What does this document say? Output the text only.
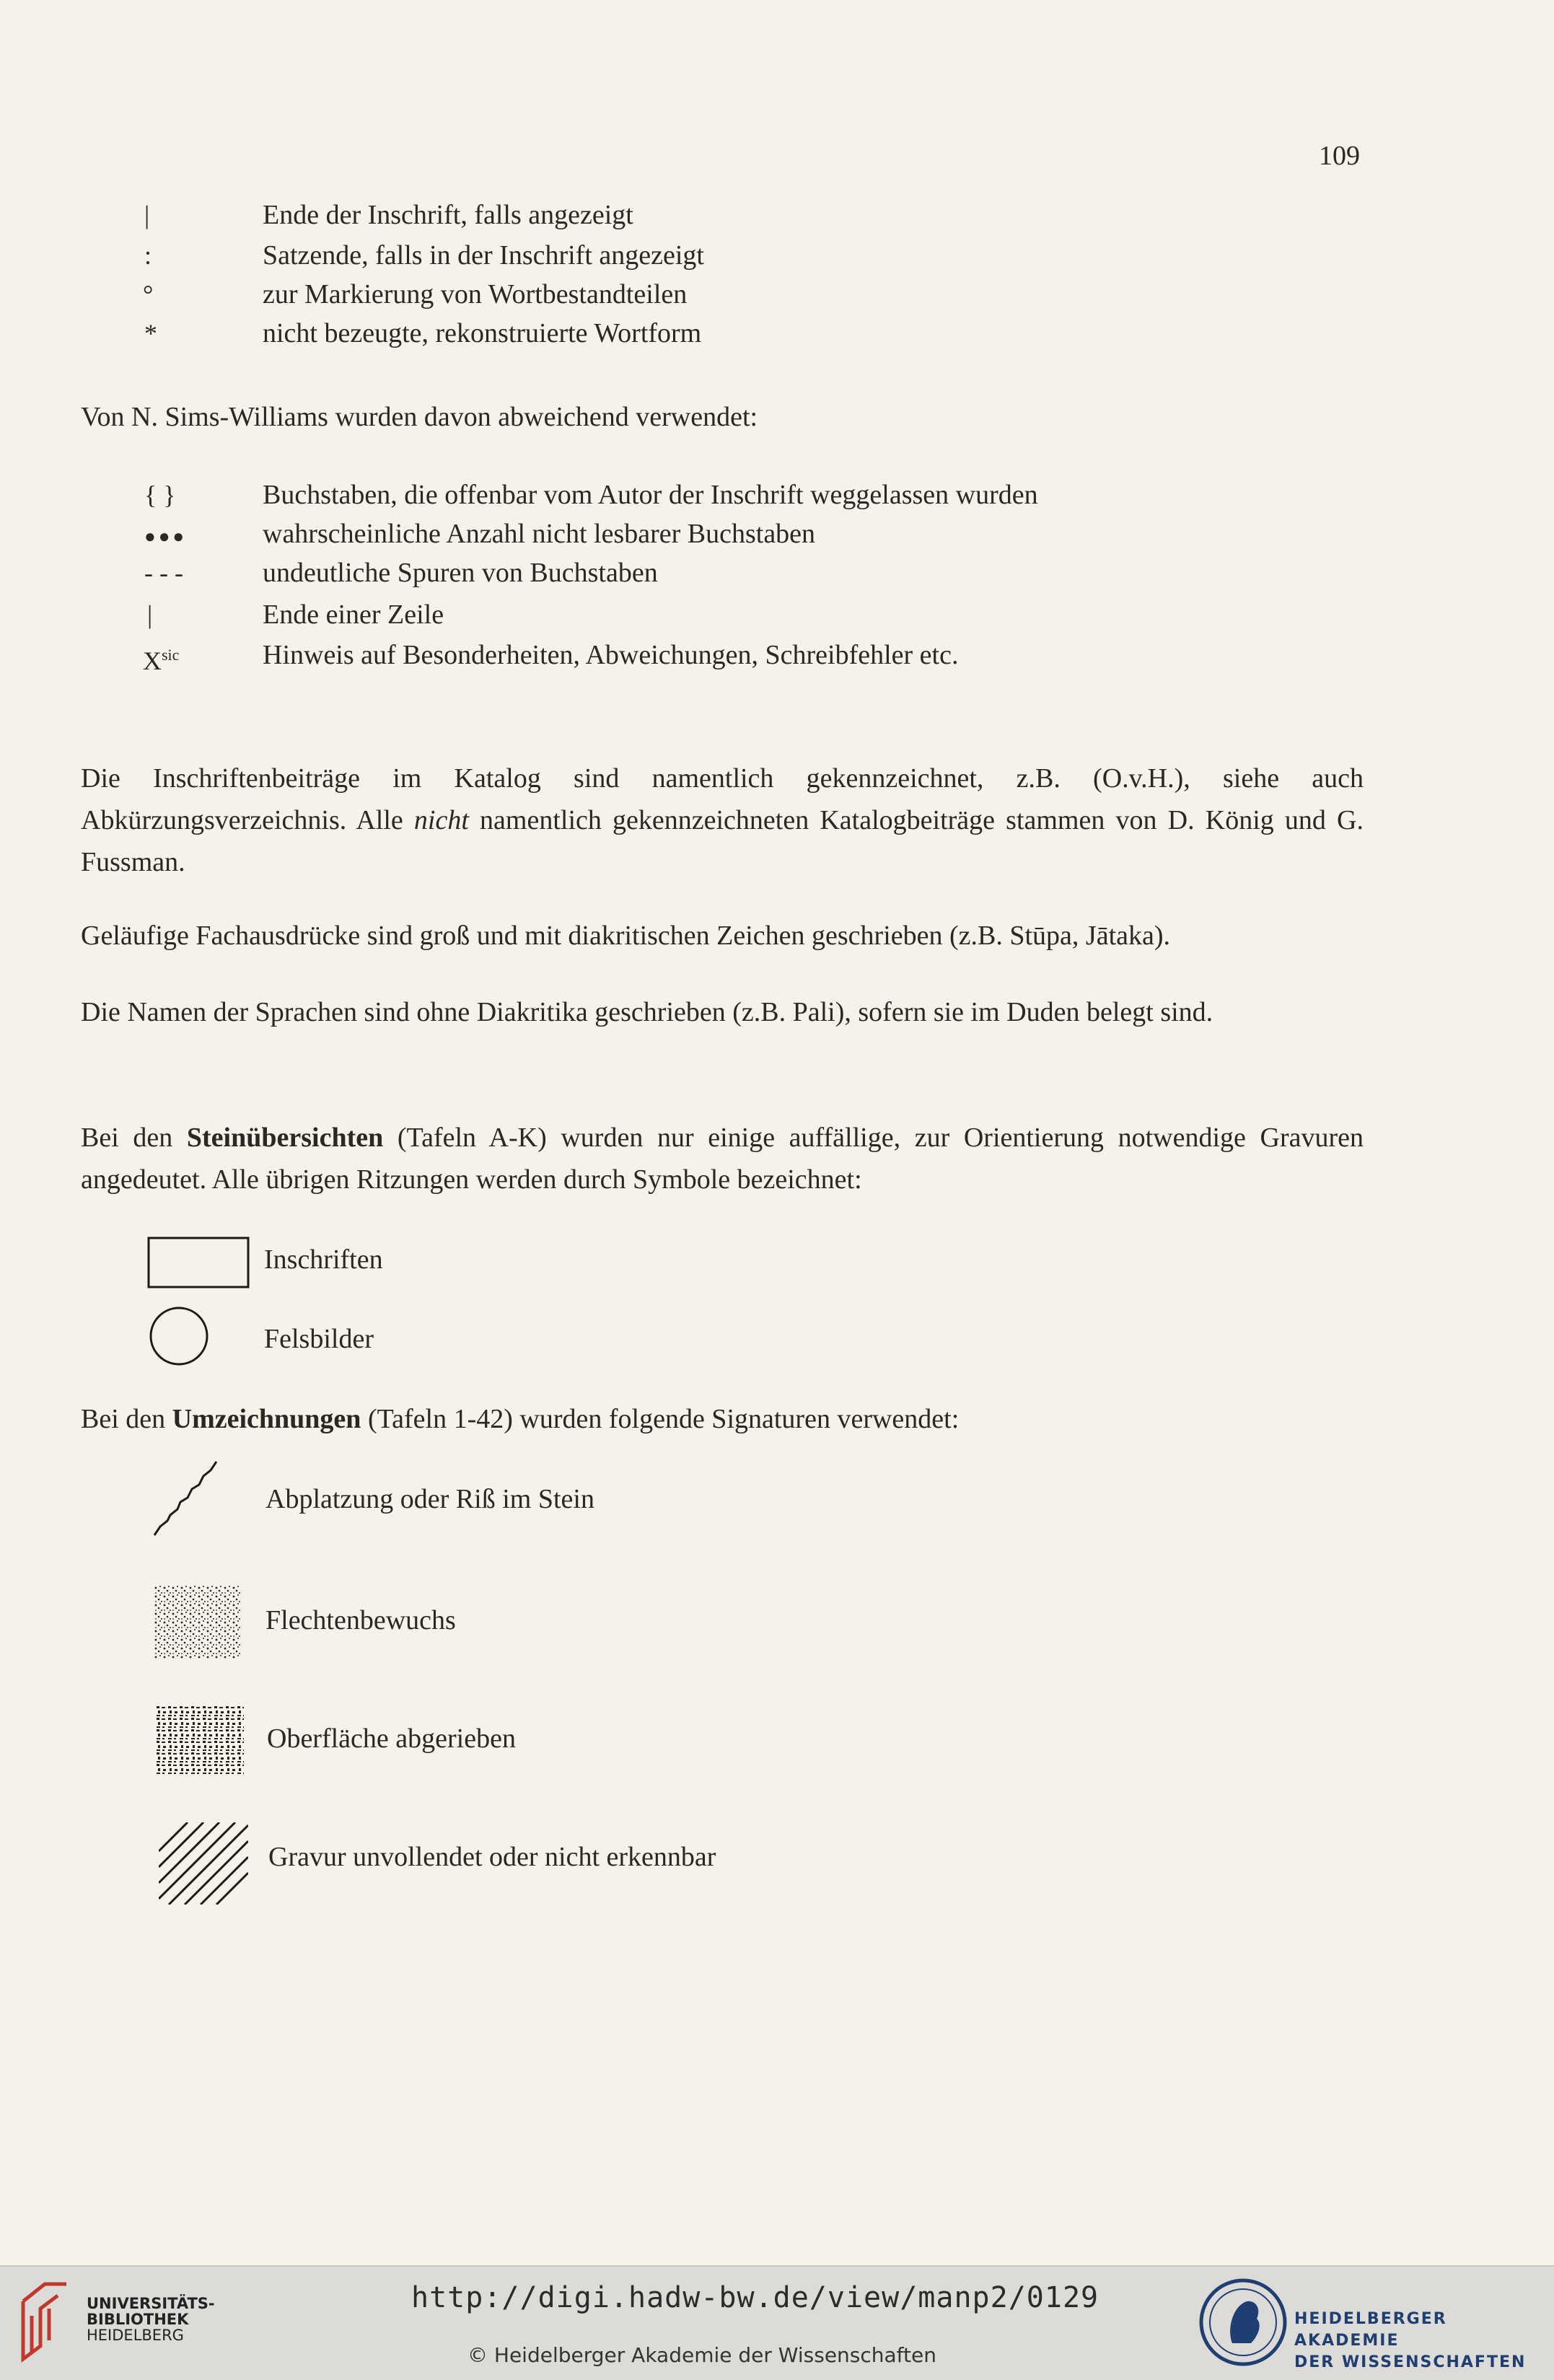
109
|	Ende der Inschrift, falls angezeigt
:	Satzende, falls in der Inschrift angezeigt
°	zur Markierung von Wortbestandteilen
*	nicht bezeugte, rekonstruierte Wortform
Von N. Sims-Williams wurden davon abweichend verwendet:
{ }	Buchstaben, die offenbar vom Autor der Inschrift weggelassen wurden
●●●	wahrscheinliche Anzahl nicht lesbarer Buchstaben
- - -	undeutliche Spuren von Buchstaben
|	Ende einer Zeile
$X^{sic}$	Hinweis auf Besonderheiten, Abweichungen, Schreibfehler etc.
Die Inschriftenbeiträge im Katalog sind namentlich gekennzeichnet, z.B. (O.v.H.), siehe auch Abkürzungsverzeichnis. Alle nicht namentlich gekennzeichneten Katalogbeiträge stammen von D. König und G. Fussman.
Geläufige Fachausdrücke sind groß und mit diakritischen Zeichen geschrieben (z.B. Stūpa, Jātaka).
Die Namen der Sprachen sind ohne Diakritika geschrieben (z.B. Pali), sofern sie im Duden belegt sind.
Bei den Steinübersichten (Tafeln A-K) wurden nur einige auffällige, zur Orientierung notwendige Gravuren angedeutet. Alle übrigen Ritzungen werden durch Symbole bezeichnet:
Inschriften
Felsbilder
Bei den Umzeichnungen (Tafeln 1-42) wurden folgende Signaturen verwendet:
Abplatzung oder Riß im Stein
Flechtenbewuchs
Oberfläche abgerieben
Gravur unvollendet oder nicht erkennbar
UNIVERSITÄTS-
BIBLIOTHEK
HEIDELBERG
http://digi.hadw-bw.de/view/manp2/0129
© Heidelberger Akademie der Wissenschaften
HEIDELBERGER AKADEMIE
DER WISSENSCHAFTEN
